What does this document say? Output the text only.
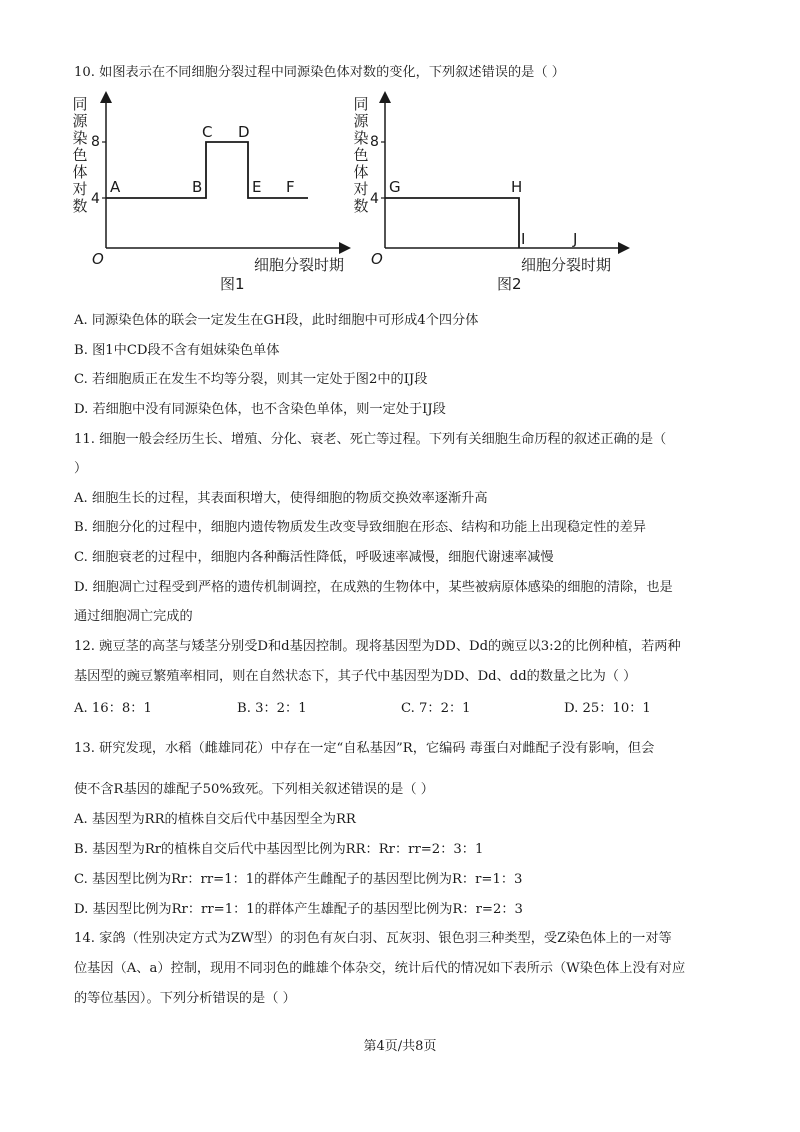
10. 如图表示在不同细胞分裂过程中同源染色体对数的变化，下列叙述错误的是（ ）
同源染色体对数
8
4
O
A	B
C D
E F
细胞分裂时期
图1
同源染色体对数
8
4
O
G	H
I	J
细胞分裂时期
图2
A. 同源染色体的联会一定发生在GH段，此时细胞中可形成4个四分体
B. 图1中CD段不含有姐妹染色单体
C. 若细胞质正在发生不均等分裂，则其一定处于图2中的IJ段
D. 若细胞中没有同源染色体，也不含染色单体，则一定处于IJ段
11. 细胞一般会经历生长、增殖、分化、衰老、死亡等过程。下列有关细胞生命历程的叙述正确的是（
）
A. 细胞生长的过程，其表面积增大，使得细胞的物质交换效率逐渐升高
B. 细胞分化的过程中，细胞内遗传物质发生改变导致细胞在形态、结构和功能上出现稳定性的差异
C. 细胞衰老的过程中，细胞内各种酶活性降低，呼吸速率减慢，细胞代谢速率减慢
D. 细胞凋亡过程受到严格的遗传机制调控，在成熟的生物体中，某些被病原体感染的细胞的清除，也是
通过细胞凋亡完成的
12. 豌豆茎的高茎与矮茎分别受D和d基因控制。现将基因型为DD、Dd的豌豆以3:2的比例种植，若两种
基因型的豌豆繁殖率相同，则在自然状态下，其子代中基因型为DD、Dd、dd的数量之比为（ ）
A. 16：8：1	B. 3：2：1	C. 7：2：1	D. 25：10：1
13. 研究发现，水稻（雌雄同花）中存在一定“自私基因”R，它编码 毒蛋白对雌配子没有影响，但会
使不含R基因的雄配子50%致死。下列相关叙述错误的是（ ）
A. 基因型为RR的植株自交后代中基因型全为RR
B. 基因型为Rr的植株自交后代中基因型比例为RR：Rr：rr=2：3：1
C. 基因型比例为Rr：rr=1：1的群体产生雌配子的基因型比例为R：r=1：3
D. 基因型比例为Rr：rr=1：1的群体产生雄配子的基因型比例为R：r=2：3
14. 家鸽（性别决定方式为ZW型）的羽色有灰白羽、瓦灰羽、银色羽三种类型，受Z染色体上的一对等
位基因（A、a）控制，现用不同羽色的雌雄个体杂交，统计后代的情况如下表所示（W染色体上没有对应
的等位基因）。下列分析错误的是（ ）
第4页/共8页
